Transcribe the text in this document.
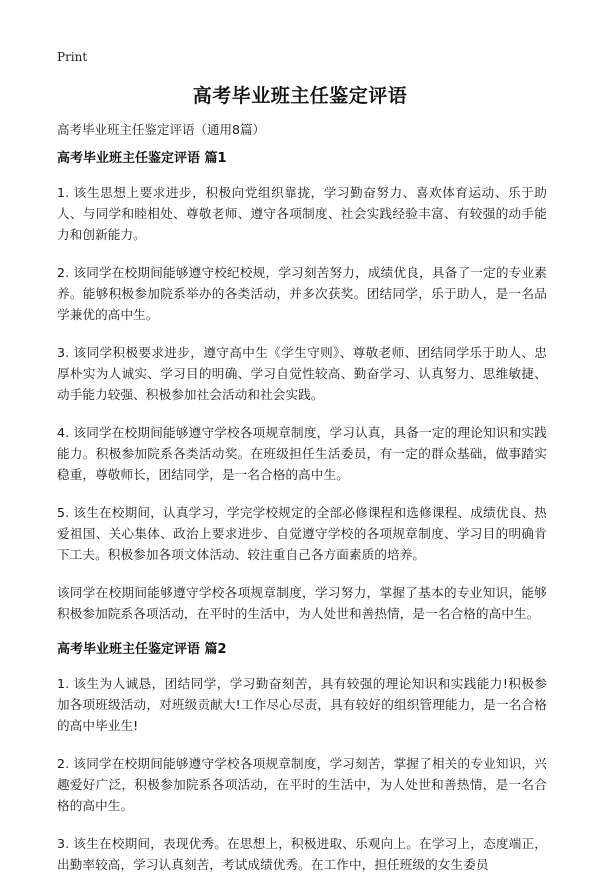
Print
高考毕业班主任鉴定评语
高考毕业班主任鉴定评语（通用8篇）
高考毕业班主任鉴定评语 篇1

1. 该生思想上要求进步，积极向党组织靠拢，学习勤奋努力、喜欢体育运动、乐于助人、与同学和睦相处、尊敬老师、遵守各项制度、社会实践经验丰富、有较强的动手能力和创新能力。

2. 该同学在校期间能够遵守校纪校规，学习刻苦努力，成绩优良，具备了一定的专业素养。能够积极参加院系举办的各类活动，并多次获奖。团结同学，乐于助人，是一名品学兼优的高中生。

3. 该同学积极要求进步，遵守高中生《学生守则》、尊敬老师、团结同学乐于助人、忠厚朴实为人诚实、学习目的明确、学习自觉性较高、勤奋学习、认真努力、思维敏捷、动手能力较强、积极参加社会活动和社会实践。

4. 该同学在校期间能够遵守学校各项规章制度，学习认真，具备一定的理论知识和实践能力。积极参加院系各类活动奖。在班级担任生活委员，有一定的群众基础，做事踏实稳重，尊敬师长，团结同学，是一名合格的高中生。

5. 该生在校期间，认真学习，学完学校规定的全部必修课程和选修课程、成绩优良、热爱祖国、关心集体、政治上要求进步、自觉遵守学校的各项规章制度、学习目的明确肯下工夫。积极参加各项文体活动、较注重自己各方面素质的培养。

该同学在校期间能够遵守学校各项规章制度，学习努力，掌握了基本的专业知识，能够积极参加院系各项活动，在平时的生活中，为人处世和善热情，是一名合格的高中生。

高考毕业班主任鉴定评语 篇2

1. 该生为人诚恳，团结同学，学习勤奋刻苦，具有较强的理论知识和实践能力!积极参加各项班级活动，对班级贡献大!工作尽心尽责，具有较好的组织管理能力，是一名合格的高中毕业生!

2. 该同学在校期间能够遵守学校各项规章制度，学习刻苦，掌握了相关的专业知识，兴趣爱好广泛，积极参加院系各项活动，在平时的生活中，为人处世和善热情，是一名合格的高中生。

3. 该生在校期间，表现优秀。在思想上，积极进取、乐观向上。在学习上，态度端正，出勤率较高，学习认真刻苦，考试成绩优秀。在工作中，担任班级的女生委员
